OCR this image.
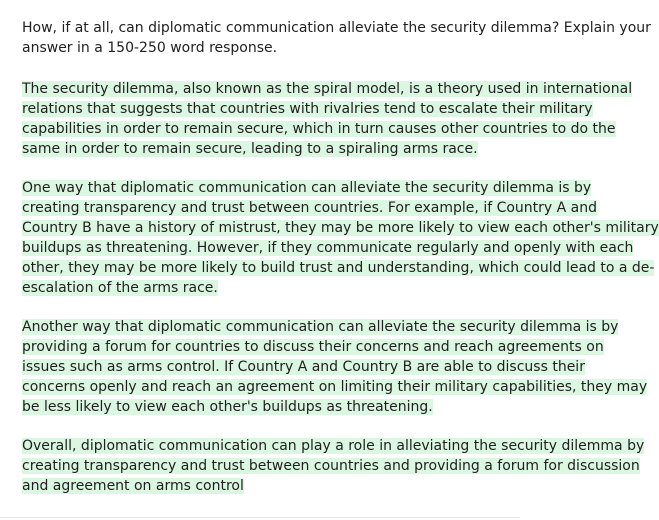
How, if at all, can diplomatic communication alleviate the security dilemma? Explain your
answer in a 150-250 word response.
The security dilemma, also known as the spiral model, is a theory used in international
relations that suggests that countries with rivalries tend to escalate their military
capabilities in order to remain secure, which in turn causes other countries to do the
same in order to remain secure, leading to a spiraling arms race.
One way that diplomatic communication can alleviate the security dilemma is by
creating transparency and trust between countries. For example, if Country A and
Country B have a history of mistrust, they may be more likely to view each other's military
buildups as threatening. However, if they communicate regularly and openly with each
other, they may be more likely to build trust and understanding, which could lead to a de-
escalation of the arms race.
Another way that diplomatic communication can alleviate the security dilemma is by
providing a forum for countries to discuss their concerns and reach agreements on
issues such as arms control. If Country A and Country B are able to discuss their
concerns openly and reach an agreement on limiting their military capabilities, they may
be less likely to view each other's buildups as threatening.
Overall, diplomatic communication can play a role in alleviating the security dilemma by
creating transparency and trust between countries and providing a forum for discussion
and agreement on arms control
